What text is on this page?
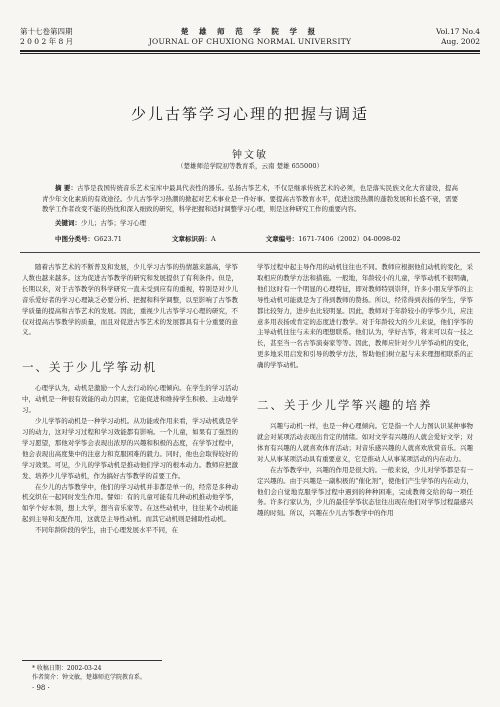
第十七卷第四期
2 0 0 2 年 8 月
楚 雄 师 范 学 院 学 报
JOURNAL OF CHUXIONG NORMAL UNIVERSITY
Vol.17 No.4
Aug. 2002
少儿古筝学习心理的把握与调适
钟文敏
（楚雄师范学院初等教育系，云南 楚雄 655000）
摘 要：古筝是我国传统音乐艺术宝库中最具代表性的器乐。弘扬古筝艺术，不仅是继承传统艺术的必须，也是落实民族文化大省建设，提高青少年文化素质的有效途径。少儿古筝学习热潮的掀起对艺术事业是一件好事。要提高古筝教育水平，促进这股热潮的蓬勃发展和长盛不衰，需要教学工作者改变不能的热忱和深入细致的研究，科学把握和适时调整学习心理，则是这种研究工作的重要内容。
关键词：少儿；古筝；学习心理
中图分类号：G623.71	文章标识码：A	文章编号：1671-7406（2002）04-0098-02

随着古筝艺术的不断普及和发展，少儿学习古筝的热情越来越高，学筝人数也越来越多。这为促进古筝教学的研究和发展提供了有利条件。但是，长期以来，对于古筝教学的科学研究一直未受到应有的重视，特别是对少儿音乐爱好者的学习心理缺乏必要分析、把握和科学调整，以至影响了古筝教学质量的提高和古筝艺术的发展。因此，重视少儿古筝学习心理的研究，不仅对提高古筝教学的质量，而且对促进古筝艺术的发展都具有十分重要的意义。

一、关于少儿学筝动机

心理学认为，动机是激励一个人去行动的心理倾向。在学生的学习活动中，动机是一种很有效能的动力因素，它能促进和维持学生积极、主动地学习。

少儿学筝的动机是一种学习动机。从功能或作用来看，学习动机就是学习的动力，这对学习过程和学习效能都有影响。一个儿童，如果有了强烈的学习愿望，那他对学筝会表现出浓厚的兴趣和积极的态度，在学筝过程中，他会表现出高度集中的注意力和克服困难的毅力。同时，他也会取得较好的学习效果。可见，少儿的学筝动机是推动他们学习的根本动力。教师应把激发、培养少儿学筝动机，作为搞好古筝教学的首要工作。

在少儿的古筝教学中，他们的学习动机并非都是单一的，经常是多种动机交织在一起同时发生作用。譬如：有的儿童可能有几种动机推动他学筝，如学个好本领，想上大学，想当音乐家等。在这些动机中，往往某个动机能起到主导和支配作用，这就是主导性动机。而其它动机则是辅助性动机。

不同年龄阶段的学生，由于心理发展水平不同，在

学筝过程中起主导作用的动机往往也不同。教师应根据他们动机的变化，采取相应的教学方法和措施。一般地，年龄较小的儿童，学筝动机不很明确，他们这时有一个明显的心理特征，即对教师特别崇拜，许多小朋友学筝的主导性动机可能就是为了得到教师的赞扬。所以，经常得到表扬的学生，学筝都比较努力，进步也比较明显。因此，教师对于年龄较小的学筝少儿，应注意多用表扬或肯定的态度进行教学。对于年龄较大的少儿来说，他们学筝的主导动机往往与未来的理想联系。他们认为，学好古筝，将来可以有一技之长，甚至当一名古筝演奏家等等。因此，教师应针对少儿学筝动机的变化，更多地采用启发和引导的教学方法，帮助他们树立起与未来理想相联系的正确的学筝动机。

二、关于少儿学筝兴趣的培养

兴趣与动机一样，也是一种心理倾向。它是指一个人力图认识某种事物就会对某项活动表现出肯定的情绪。如对文学有兴趣的人就会爱好文学；对体育有兴趣的人就喜欢体育活动；对音乐感兴趣的人就喜欢欣赏音乐。兴趣对人从事某项活动具有重要意义，它是推动人从事某项活动的内在动力。

在古筝教学中，兴趣的作用是很大的。一般来说，少儿对学筝都是有一定兴趣的。由于兴趣是一副积极的“催化剂”，使他们产生学筝的内在动力，他们会自觉地克服学筝过程中遇到的种种困难，完成教师交给的每一项任务。许多行家认为，少儿的最佳学筝状态往往出现在他们对学筝过程最感兴趣的时刻。所以，兴趣在少儿古筝教学中的作用

* 收稿日期：2002-03-24
作者简介：钟文敏，楚雄师范学院教育系。
· 98 ·
